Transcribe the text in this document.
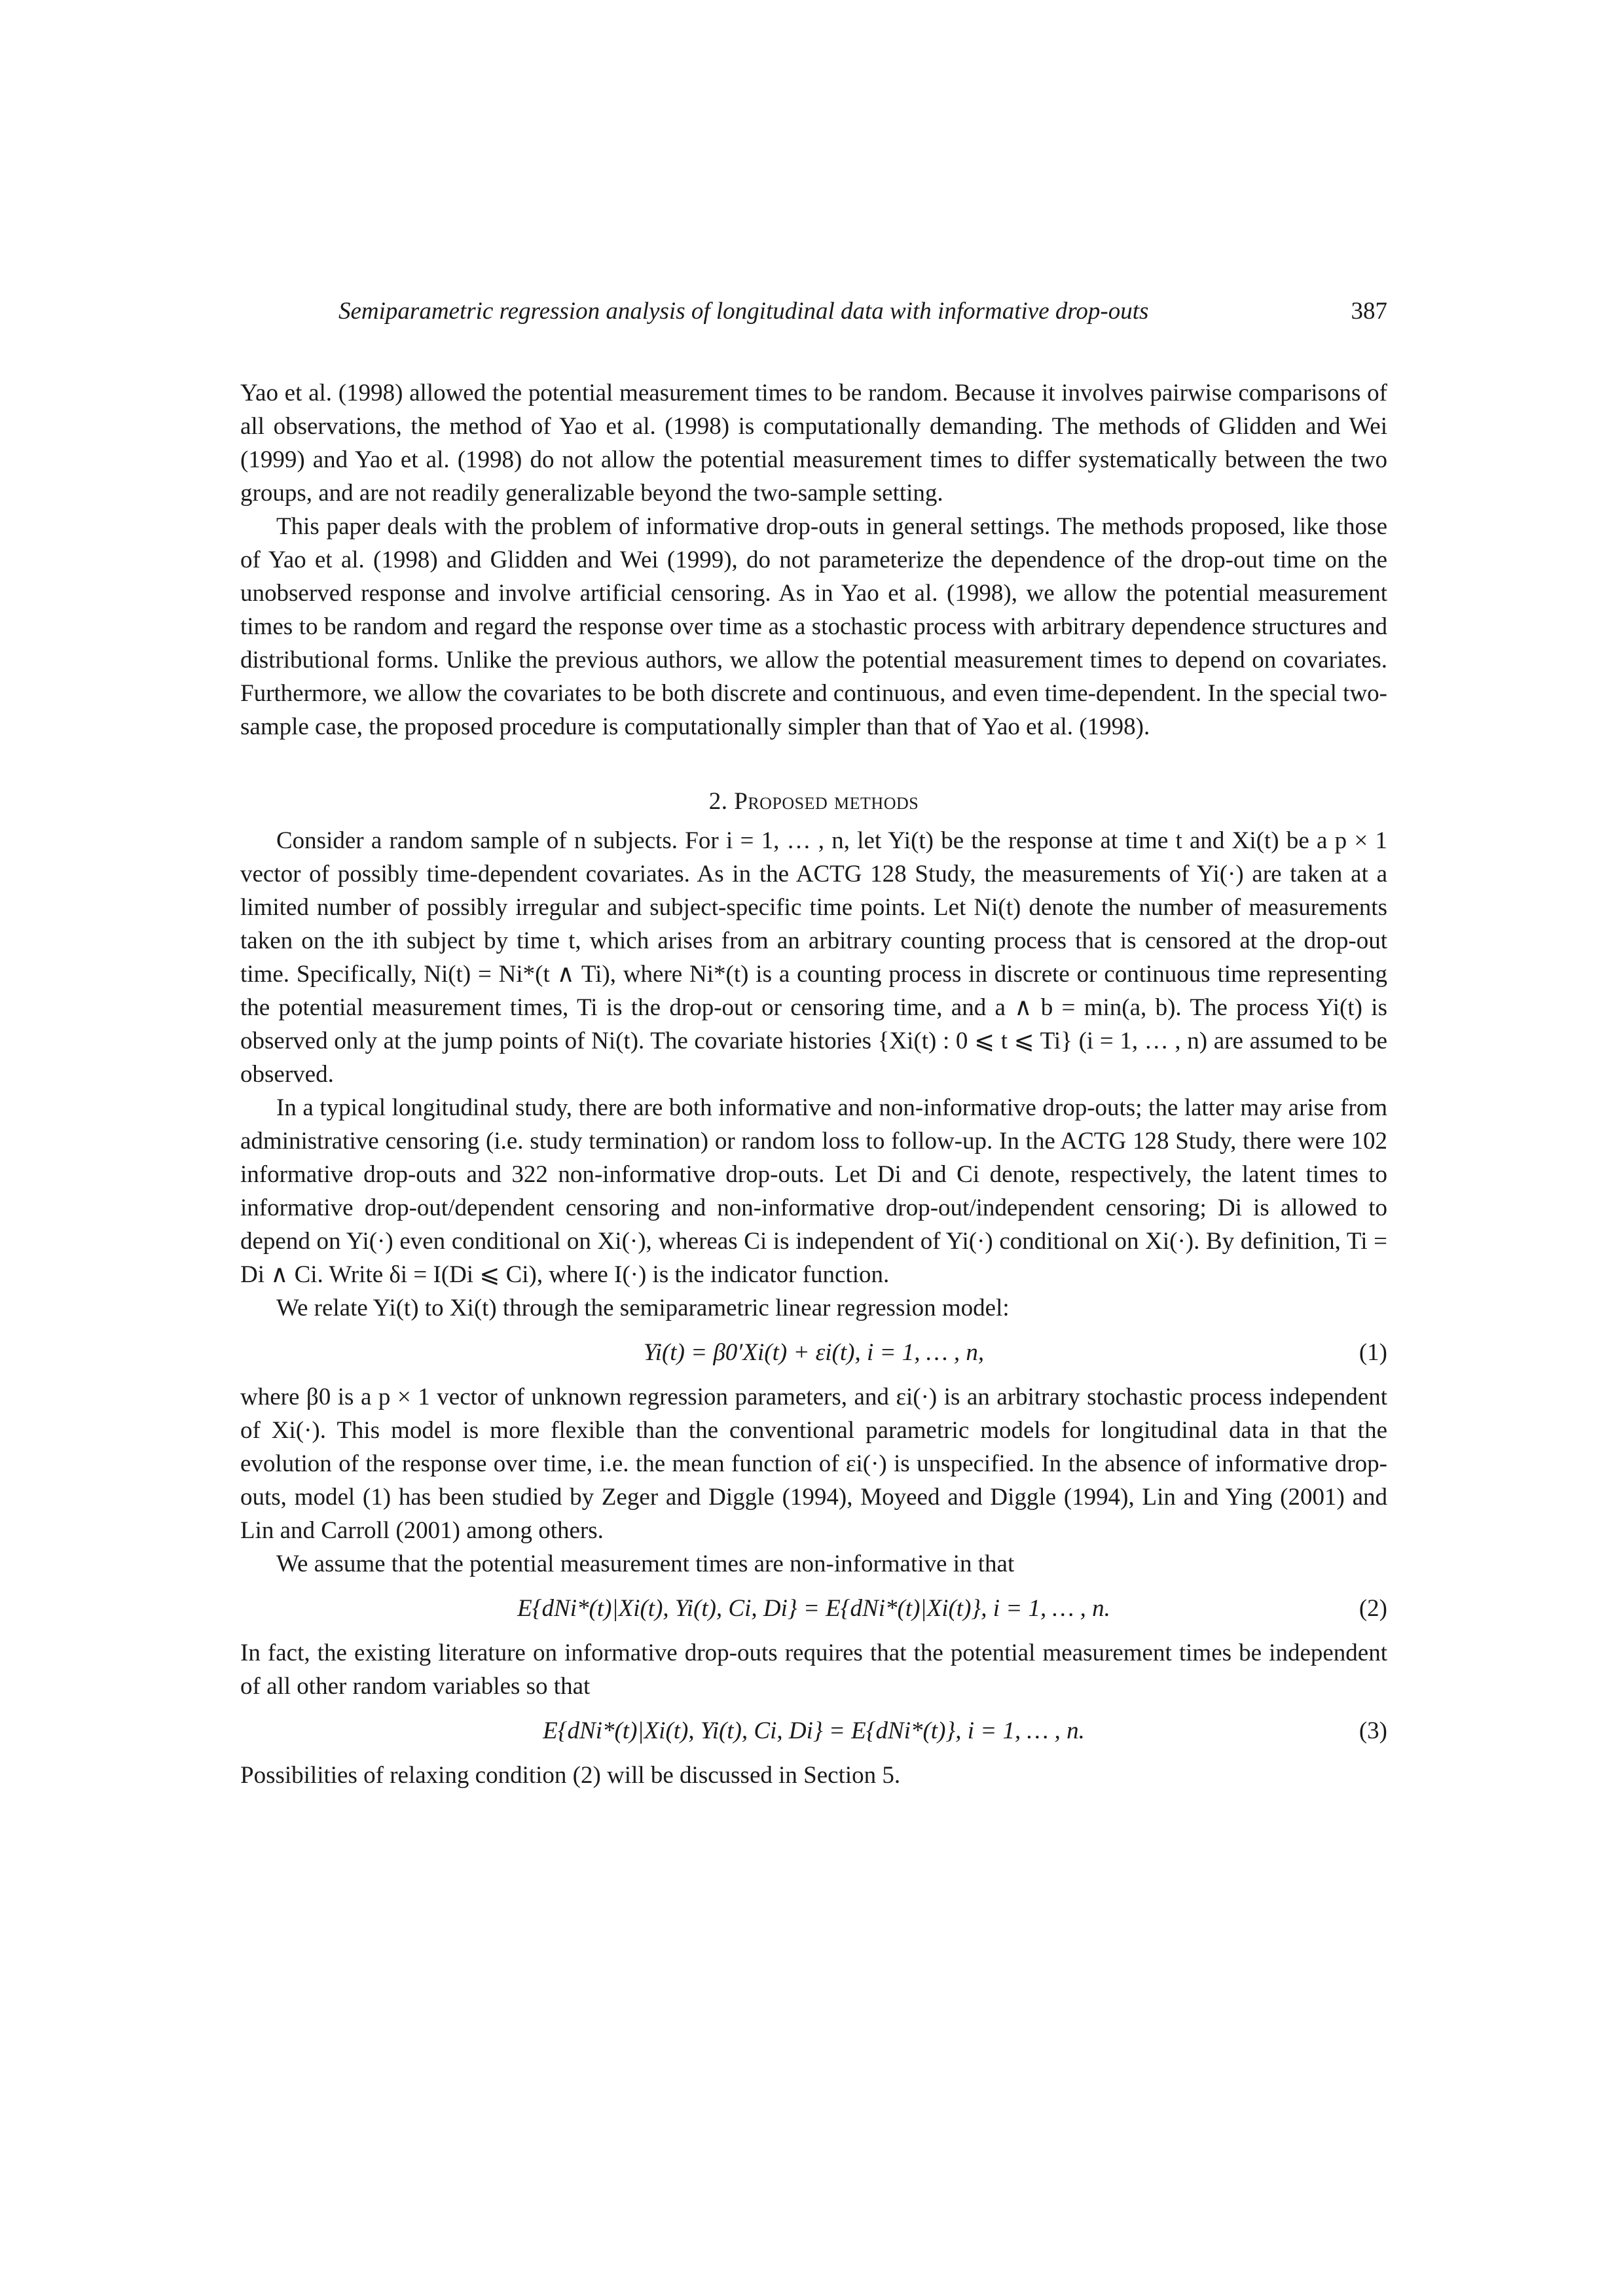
Semiparametric regression analysis of longitudinal data with informative drop-outs	387

Yao et al. (1998) allowed the potential measurement times to be random. Because it involves pairwise comparisons of all observations, the method of Yao et al. (1998) is computationally demanding. The methods of Glidden and Wei (1999) and Yao et al. (1998) do not allow the potential measurement times to differ systematically between the two groups, and are not readily generalizable beyond the two-sample setting.

This paper deals with the problem of informative drop-outs in general settings. The methods proposed, like those of Yao et al. (1998) and Glidden and Wei (1999), do not parameterize the dependence of the drop-out time on the unobserved response and involve artificial censoring. As in Yao et al. (1998), we allow the potential measurement times to be random and regard the response over time as a stochastic process with arbitrary dependence structures and distributional forms. Unlike the previous authors, we allow the potential measurement times to depend on covariates. Furthermore, we allow the covariates to be both discrete and continuous, and even time-dependent. In the special two-sample case, the proposed procedure is computationally simpler than that of Yao et al. (1998).

2. Proposed methods

Consider a random sample of n subjects. For i = 1, … , n, let Yi(t) be the response at time t and Xi(t) be a p × 1 vector of possibly time-dependent covariates. As in the ACTG 128 Study, the measurements of Yi(·) are taken at a limited number of possibly irregular and subject-specific time points. Let Ni(t) denote the number of measurements taken on the ith subject by time t, which arises from an arbitrary counting process that is censored at the drop-out time. Specifically, Ni(t) = Ni*(t ∧ Ti), where Ni*(t) is a counting process in discrete or continuous time representing the potential measurement times, Ti is the drop-out or censoring time, and a ∧ b = min(a, b). The process Yi(t) is observed only at the jump points of Ni(t). The covariate histories {Xi(t) : 0 ⩽ t ⩽ Ti} (i = 1, … , n) are assumed to be observed.

In a typical longitudinal study, there are both informative and non-informative drop-outs; the latter may arise from administrative censoring (i.e. study termination) or random loss to follow-up. In the ACTG 128 Study, there were 102 informative drop-outs and 322 non-informative drop-outs. Let Di and Ci denote, respectively, the latent times to informative drop-out/dependent censoring and non-informative drop-out/independent censoring; Di is allowed to depend on Yi(·) even conditional on Xi(·), whereas Ci is independent of Yi(·) conditional on Xi(·). By definition, Ti = Di ∧ Ci. Write δi = I(Di ⩽ Ci), where I(·) is the indicator function.

We relate Yi(t) to Xi(t) through the semiparametric linear regression model:

Yi(t) = β0′Xi(t) + εi(t), i = 1, … , n,	(1)

where β0 is a p × 1 vector of unknown regression parameters, and εi(·) is an arbitrary stochastic process independent of Xi(·). This model is more flexible than the conventional parametric models for longitudinal data in that the evolution of the response over time, i.e. the mean function of εi(·) is unspecified. In the absence of informative drop-outs, model (1) has been studied by Zeger and Diggle (1994), Moyeed and Diggle (1994), Lin and Ying (2001) and Lin and Carroll (2001) among others.

We assume that the potential measurement times are non-informative in that

E{dNi*(t)|Xi(t), Yi(t), Ci, Di} = E{dNi*(t)|Xi(t)}, i = 1, … , n.	(2)

In fact, the existing literature on informative drop-outs requires that the potential measurement times be independent of all other random variables so that

E{dNi*(t)|Xi(t), Yi(t), Ci, Di} = E{dNi*(t)}, i = 1, … , n.	(3)

Possibilities of relaxing condition (2) will be discussed in Section 5.
